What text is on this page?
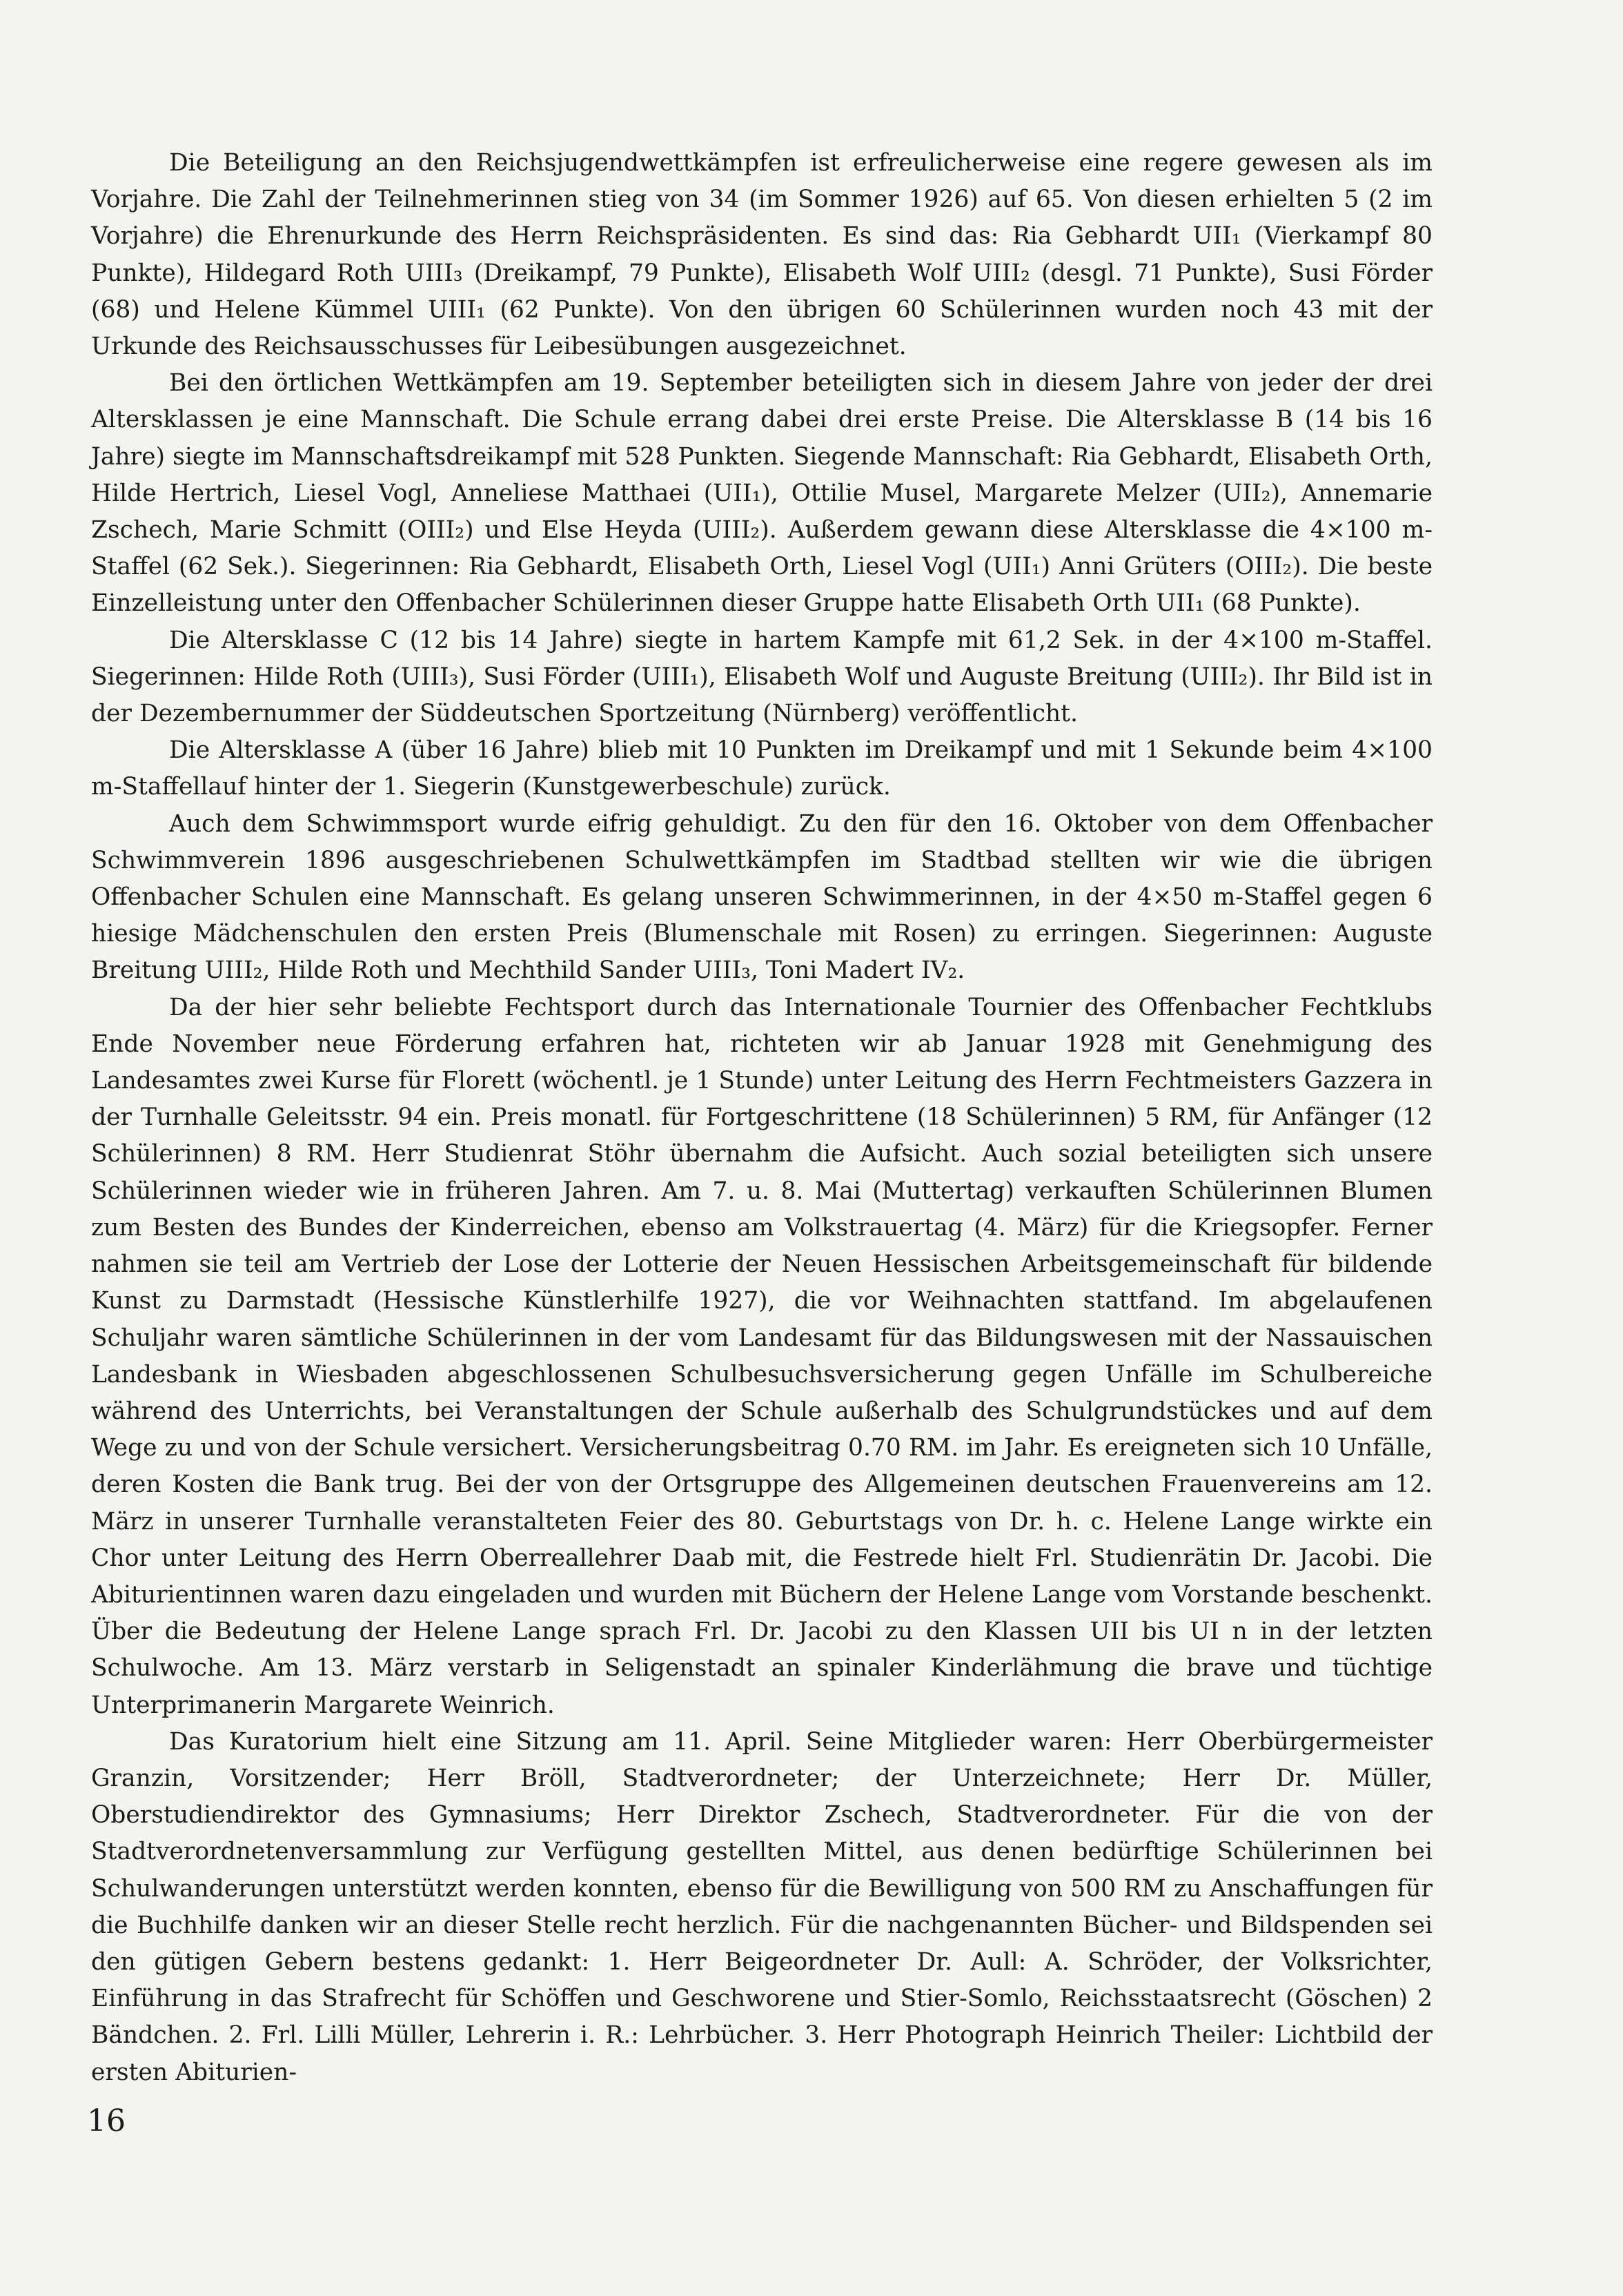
Die Beteiligung an den Reichsjugendwettkämpfen ist erfreulicherweise eine regere gewesen als im Vorjahre. Die Zahl der Teilnehmerinnen stieg von 34 (im Sommer 1926) auf 65. Von diesen erhielten 5 (2 im Vorjahre) die Ehrenurkunde des Herrn Reichspräsidenten. Es sind das: Ria Gebhardt UII₁ (Vierkampf 80 Punkte), Hildegard Roth UIII₃ (Dreikampf, 79 Punkte), Elisabeth Wolf UIII₂ (desgl. 71 Punkte), Susi Förder (68) und Helene Kümmel UIII₁ (62 Punkte). Von den übrigen 60 Schülerinnen wurden noch 43 mit der Urkunde des Reichsausschusses für Leibesübungen ausgezeichnet.

Bei den örtlichen Wettkämpfen am 19. September beteiligten sich in diesem Jahre von jeder der drei Altersklassen je eine Mannschaft. Die Schule errang dabei drei erste Preise. Die Altersklasse B (14 bis 16 Jahre) siegte im Mannschaftsdreikampf mit 528 Punkten. Siegende Mannschaft: Ria Gebhardt, Elisabeth Orth, Hilde Hertrich, Liesel Vogl, Anneliese Matthaei (UII₁), Ottilie Musel, Margarete Melzer (UII₂), Annemarie Zschech, Marie Schmitt (OIII₂) und Else Heyda (UIII₂). Außerdem gewann diese Altersklasse die 4×100 m-Staffel (62 Sek.). Siegerinnen: Ria Gebhardt, Elisabeth Orth, Liesel Vogl (UII₁) Anni Grüters (OIII₂). Die beste Einzelleistung unter den Offenbacher Schülerinnen dieser Gruppe hatte Elisabeth Orth UII₁ (68 Punkte).

Die Altersklasse C (12 bis 14 Jahre) siegte in hartem Kampfe mit 61,2 Sek. in der 4×100 m-Staffel. Siegerinnen: Hilde Roth (UIII₃), Susi Förder (UIII₁), Elisabeth Wolf und Auguste Breitung (UIII₂). Ihr Bild ist in der Dezembernummer der Süddeutschen Sportzeitung (Nürnberg) veröffentlicht.

Die Altersklasse A (über 16 Jahre) blieb mit 10 Punkten im Dreikampf und mit 1 Sekunde beim 4×100 m-Staffellauf hinter der 1. Siegerin (Kunstgewerbeschule) zurück.

Auch dem Schwimmsport wurde eifrig gehuldigt. Zu den für den 16. Oktober von dem Offenbacher Schwimmverein 1896 ausgeschriebenen Schulwettkämpfen im Stadtbad stellten wir wie die übrigen Offenbacher Schulen eine Mannschaft. Es gelang unseren Schwimmerinnen, in der 4×50 m-Staffel gegen 6 hiesige Mädchenschulen den ersten Preis (Blumenschale mit Rosen) zu erringen. Siegerinnen: Auguste Breitung UIII₂, Hilde Roth und Mechthild Sander UIII₃, Toni Madert IV₂.

Da der hier sehr beliebte Fechtsport durch das Internationale Tournier des Offenbacher Fechtklubs Ende November neue Förderung erfahren hat, richteten wir ab Januar 1928 mit Genehmigung des Landesamtes zwei Kurse für Florett (wöchentl. je 1 Stunde) unter Leitung des Herrn Fechtmeisters Gazzera in der Turnhalle Geleitsstr. 94 ein. Preis monatl. für Fortgeschrittene (18 Schülerinnen) 5 RM, für Anfänger (12 Schülerinnen) 8 RM. Herr Studienrat Stöhr übernahm die Aufsicht. Auch sozial beteiligten sich unsere Schülerinnen wieder wie in früheren Jahren. Am 7. u. 8. Mai (Muttertag) verkauften Schülerinnen Blumen zum Besten des Bundes der Kinderreichen, ebenso am Volkstrauertag (4. März) für die Kriegsopfer. Ferner nahmen sie teil am Vertrieb der Lose der Lotterie der Neuen Hessischen Arbeitsgemeinschaft für bildende Kunst zu Darmstadt (Hessische Künstlerhilfe 1927), die vor Weihnachten stattfand. Im abgelaufenen Schuljahr waren sämtliche Schülerinnen in der vom Landesamt für das Bildungswesen mit der Nassauischen Landesbank in Wiesbaden abgeschlossenen Schulbesuchsversicherung gegen Unfälle im Schulbereiche während des Unterrichts, bei Veranstaltungen der Schule außerhalb des Schulgrundstückes und auf dem Wege zu und von der Schule versichert. Versicherungsbeitrag 0.70 RM. im Jahr. Es ereigneten sich 10 Unfälle, deren Kosten die Bank trug. Bei der von der Ortsgruppe des Allgemeinen deutschen Frauenvereins am 12. März in unserer Turnhalle veranstalteten Feier des 80. Geburtstags von Dr. h. c. Helene Lange wirkte ein Chor unter Leitung des Herrn Oberreallehrer Daab mit, die Festrede hielt Frl. Studienrätin Dr. Jacobi. Die Abiturientinnen waren dazu eingeladen und wurden mit Büchern der Helene Lange vom Vorstande beschenkt. Über die Bedeutung der Helene Lange sprach Frl. Dr. Jacobi zu den Klassen UII bis UI n in der letzten Schulwoche. Am 13. März verstarb in Seligenstadt an spinaler Kinderlähmung die brave und tüchtige Unterprimanerin Margarete Weinrich.

Das Kuratorium hielt eine Sitzung am 11. April. Seine Mitglieder waren: Herr Oberbürgermeister Granzin, Vorsitzender; Herr Bröll, Stadtverordneter; der Unterzeichnete; Herr Dr. Müller, Oberstudiendirektor des Gymnasiums; Herr Direktor Zschech, Stadtverordneter. Für die von der Stadtverordnetenversammlung zur Verfügung gestellten Mittel, aus denen bedürftige Schülerinnen bei Schulwanderungen unterstützt werden konnten, ebenso für die Bewilligung von 500 RM zu Anschaffungen für die Buchhilfe danken wir an dieser Stelle recht herzlich. Für die nachgenannten Bücher- und Bildspenden sei den gütigen Gebern bestens gedankt: 1. Herr Beigeordneter Dr. Aull: A. Schröder, der Volksrichter, Einführung in das Strafrecht für Schöffen und Geschworene und Stier-Somlo, Reichsstaatsrecht (Göschen) 2 Bändchen. 2. Frl. Lilli Müller, Lehrerin i. R.: Lehrbücher. 3. Herr Photograph Heinrich Theiler: Lichtbild der ersten Abiturien-

16
